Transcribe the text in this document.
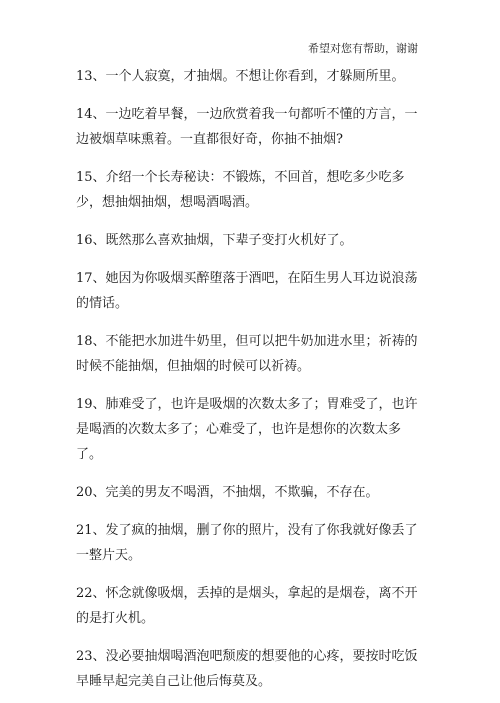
希望对您有帮助，谢谢

13、一个人寂寞，才抽烟。不想让你看到，才躲厕所里。

14、一边吃着早餐，一边欣赏着我一句都听不懂的方言，一边被烟草味熏着。一直都很好奇，你抽不抽烟?

15、介绍一个长寿秘诀：不锻炼，不回首，想吃多少吃多少，想抽烟抽烟，想喝酒喝酒。

16、既然那么喜欢抽烟，下辈子变打火机好了。

17、她因为你吸烟买醉堕落于酒吧，在陌生男人耳边说浪荡的情话。

18、不能把水加进牛奶里，但可以把牛奶加进水里；祈祷的时候不能抽烟，但抽烟的时候可以祈祷。

19、肺难受了，也许是吸烟的次数太多了；胃难受了，也许是喝酒的次数太多了；心难受了，也许是想你的次数太多了。

20、完美的男友不喝酒，不抽烟，不欺骗，不存在。

21、发了疯的抽烟，删了你的照片，没有了你我就好像丢了一整片天。

22、怀念就像吸烟，丢掉的是烟头，拿起的是烟卷，离不开的是打火机。

23、没必要抽烟喝酒泡吧颓废的想要他的心疼，要按时吃饭早睡早起完美自己让他后悔莫及。
